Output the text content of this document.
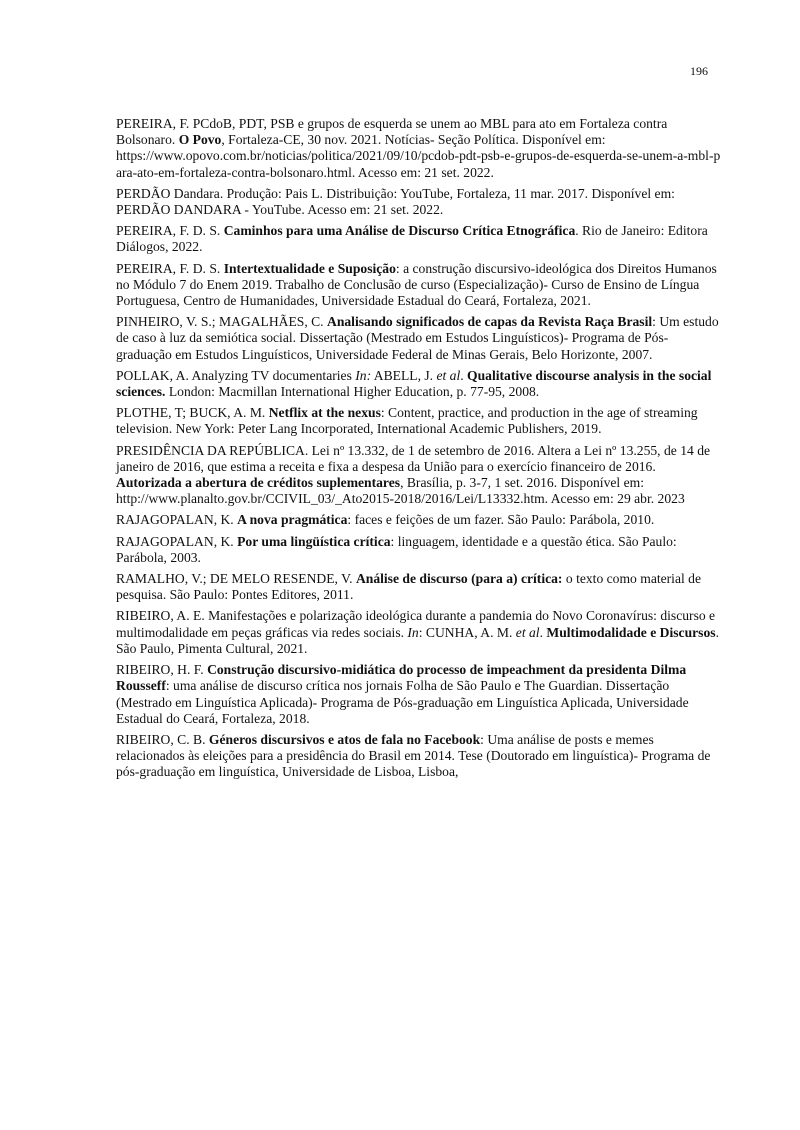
196

PEREIRA, F. PCdoB, PDT, PSB e grupos de esquerda se unem ao MBL para ato em Fortaleza contra Bolsonaro. O Povo, Fortaleza-CE, 30 nov. 2021. Notícias- Seção Política. Disponível em:
https://www.opovo.com.br/noticias/politica/2021/09/10/pcdob-pdt-psb-e-grupos-de-esquerda-se-unem-a-mbl-para-ato-em-fortaleza-contra-bolsonaro.html. Acesso em: 21 set. 2022.

PERDÃO Dandara. Produção: Pais L. Distribuição: YouTube, Fortaleza, 11 mar. 2017. Disponível em: PERDÃO DANDARA - YouTube. Acesso em: 21 set. 2022.

PEREIRA, F. D. S. Caminhos para uma Análise de Discurso Crítica Etnográfica. Rio de Janeiro: Editora Diálogos, 2022.

PEREIRA, F. D. S. Intertextualidade e Suposição: a construção discursivo-ideológica dos Direitos Humanos no Módulo 7 do Enem 2019. Trabalho de Conclusão de curso (Especialização)- Curso de Ensino de Língua Portuguesa, Centro de Humanidades, Universidade Estadual do Ceará, Fortaleza, 2021.

PINHEIRO, V. S.; MAGALHÃES, C. Analisando significados de capas da Revista Raça Brasil: Um estudo de caso à luz da semiótica social. Dissertação (Mestrado em Estudos Linguísticos)- Programa de Pós-graduação em Estudos Linguísticos, Universidade Federal de Minas Gerais, Belo Horizonte, 2007.

POLLAK, A. Analyzing TV documentaries In: ABELL, J. et al. Qualitative discourse analysis in the social sciences. London: Macmillan International Higher Education, p. 77-95, 2008.

PLOTHE, T; BUCK, A. M. Netflix at the nexus: Content, practice, and production in the age of streaming television. New York: Peter Lang Incorporated, International Academic Publishers, 2019.

PRESIDÊNCIA DA REPÚBLICA. Lei nº 13.332, de 1 de setembro de 2016. Altera a Lei nº 13.255, de 14 de janeiro de 2016, que estima a receita e fixa a despesa da União para o exercício financeiro de 2016. Autorizada a abertura de créditos suplementares, Brasília, p. 3-7, 1 set. 2016. Disponível em:
http://www.planalto.gov.br/CCIVIL_03/_Ato2015-2018/2016/Lei/L13332.htm. Acesso em: 29 abr. 2023

RAJAGOPALAN, K. A nova pragmática: faces e feições de um fazer. São Paulo: Parábola, 2010.

RAJAGOPALAN, K. Por uma lingüística crítica: linguagem, identidade e a questão ética. São Paulo: Parábola, 2003.

RAMALHO, V.; DE MELO RESENDE, V. Análise de discurso (para a) crítica: o texto como material de pesquisa. São Paulo: Pontes Editores, 2011.

RIBEIRO, A. E. Manifestações e polarização ideológica durante a pandemia do Novo Coronavírus: discurso e multimodalidade em peças gráficas via redes sociais. In: CUNHA, A. M. et al. Multimodalidade e Discursos. São Paulo, Pimenta Cultural, 2021.

RIBEIRO, H. F. Construção discursivo-midiática do processo de impeachment da presidenta Dilma Rousseff: uma análise de discurso crítica nos jornais Folha de São Paulo e The Guardian. Dissertação (Mestrado em Linguística Aplicada)- Programa de Pós-graduação em Linguística Aplicada, Universidade Estadual do Ceará, Fortaleza, 2018.

RIBEIRO, C. B. Géneros discursivos e atos de fala no Facebook: Uma análise de posts e memes relacionados às eleições para a presidência do Brasil em 2014. Tese (Doutorado em linguística)- Programa de pós-graduação em linguística, Universidade de Lisboa, Lisboa,
